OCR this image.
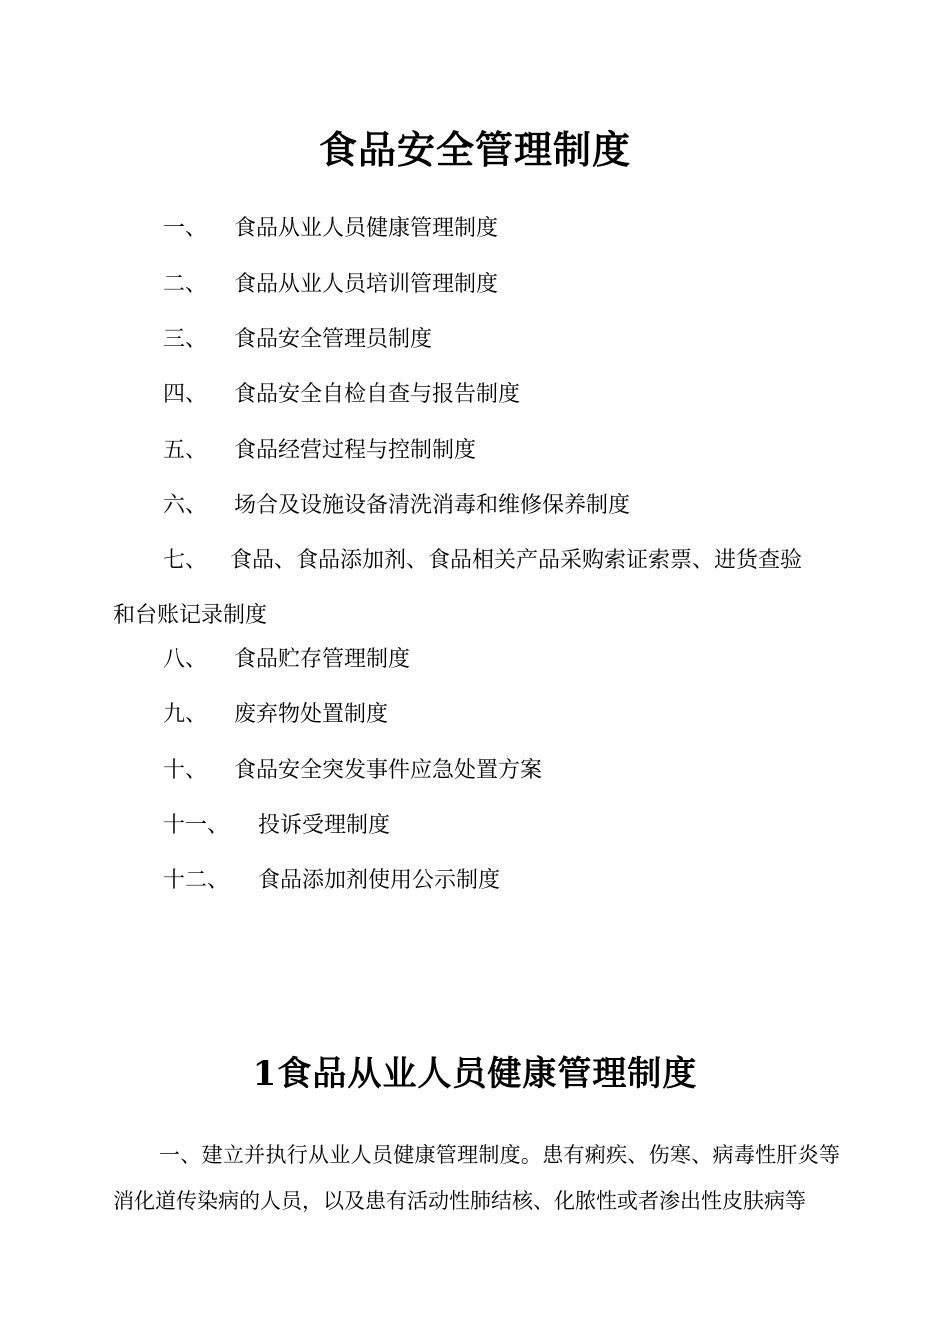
食品安全管理制度
一、 食品从业人员健康管理制度
二、 食品从业人员培训管理制度
三、 食品安全管理员制度
四、 食品安全自检自查与报告制度
五、 食品经营过程与控制制度
六、 场合及设施设备清洗消毒和维修保养制度
七、 食品、食品添加剂、食品相关产品采购索证索票、进货查验
和台账记录制度
八、 食品贮存管理制度
九、 废弃物处置制度
十、 食品安全突发事件应急处置方案
十一、 投诉受理制度
十二、 食品添加剂使用公示制度
1食品从业人员健康管理制度
一、建立并执行从业人员健康管理制度。患有痢疾、伤寒、病毒性肝炎等消化道传染病的人员，以及患有活动性肺结核、化脓性或者渗出性皮肤病等
